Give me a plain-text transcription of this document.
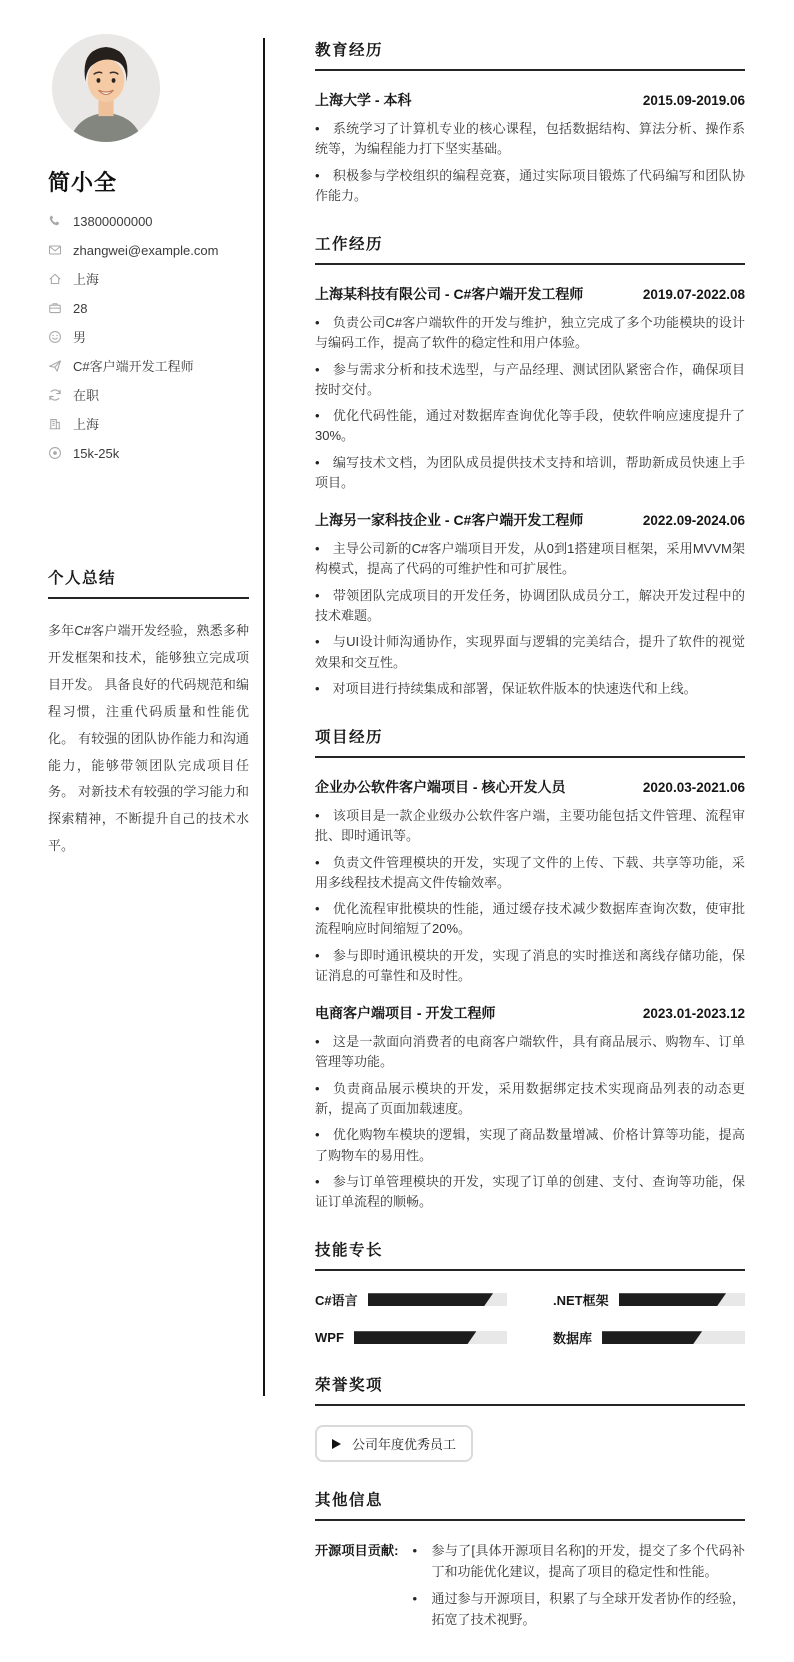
简小全
13800000000
zhangwei@example.com
上海
28
男
C#客户端开发工程师
在职
上海
15k-25k
个人总结

多年C#客户端开发经验，熟悉多种开发框架和技术，能够独立完成项目开发。 具备良好的代码规范和编程习惯，注重代码质量和性能优化。 有较强的团队协作能力和沟通能力，能够带领团队完成项目任务。 对新技术有较强的学习能力和探索精神，不断提升自己的技术水平。

教育经历
上海大学 - 本科	2015.09-2019.06

• 系统学习了计算机专业的核心课程，包括数据结构、算法分析、操作系统等，为编程能力打下坚实基础。

• 积极参与学校组织的编程竞赛，通过实际项目锻炼了代码编写和团队协作能力。

工作经历
上海某科技有限公司 - C#客户端开发工程师	2019.07-2022.08

• 负责公司C#客户端软件的开发与维护，独立完成了多个功能模块的设计与编码工作，提高了软件的稳定性和用户体验。

• 参与需求分析和技术选型，与产品经理、测试团队紧密合作，确保项目按时交付。

• 优化代码性能，通过对数据库查询优化等手段，使软件响应速度提升了30%。

• 编写技术文档，为团队成员提供技术支持和培训，帮助新成员快速上手项目。

上海另一家科技企业 - C#客户端开发工程师	2022.09-2024.06

• 主导公司新的C#客户端项目开发，从0到1搭建项目框架，采用MVVM架构模式，提高了代码的可维护性和可扩展性。

• 带领团队完成项目的开发任务，协调团队成员分工，解决开发过程中的技术难题。

• 与UI设计师沟通协作，实现界面与逻辑的完美结合，提升了软件的视觉效果和交互性。

• 对项目进行持续集成和部署，保证软件版本的快速迭代和上线。

项目经历
企业办公软件客户端项目 - 核心开发人员	2020.03-2021.06

• 该项目是一款企业级办公软件客户端，主要功能包括文件管理、流程审批、即时通讯等。

• 负责文件管理模块的开发，实现了文件的上传、下载、共享等功能，采用多线程技术提高文件传输效率。

• 优化流程审批模块的性能，通过缓存技术减少数据库查询次数，使审批流程响应时间缩短了20%。

• 参与即时通讯模块的开发，实现了消息的实时推送和离线存储功能，保证消息的可靠性和及时性。

电商客户端项目 - 开发工程师	2023.01-2023.12

• 这是一款面向消费者的电商客户端软件，具有商品展示、购物车、订单管理等功能。

• 负责商品展示模块的开发，采用数据绑定技术实现商品列表的动态更新，提高了页面加载速度。

• 优化购物车模块的逻辑，实现了商品数量增减、价格计算等功能，提高了购物车的易用性。

• 参与订单管理模块的开发，实现了订单的创建、支付、查询等功能，保证订单流程的顺畅。

技能专长
C#语言	.NET框架
WPF	数据库
荣誉奖项
公司年度优秀员工
其他信息
开源项目贡献:	• 参与了[具体开源项目名称]的开发，提交了多个代码补丁和功能优化建议，提高了项目的稳定性和性能。
• 通过参与开源项目，积累了与全球开发者协作的经验，拓宽了技术视野。
